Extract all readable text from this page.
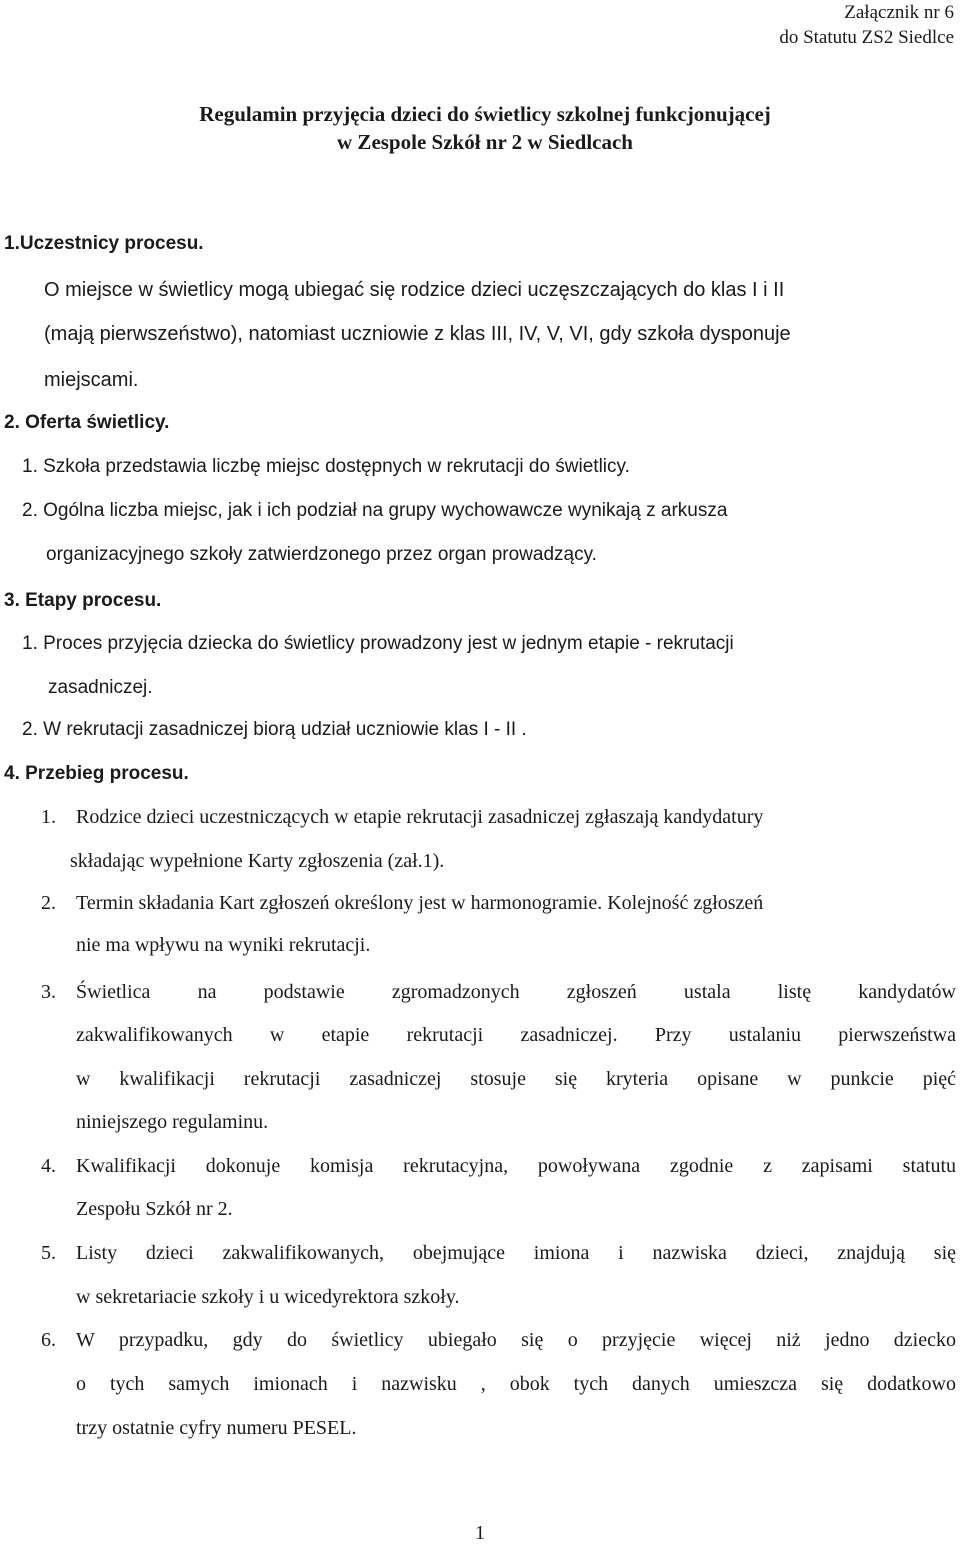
Załącznik nr 6
do Statutu ZS2 Siedlce
Regulamin przyjęcia dzieci do świetlicy szkolnej funkcjonującej
w Zespole Szkół nr 2 w Siedlcach
1.Uczestnicy procesu.
O miejsce w świetlicy mogą ubiegać się rodzice dzieci uczęszczających do klas I i II
(mają pierwszeństwo), natomiast uczniowie z klas III, IV, V, VI, gdy szkoła dysponuje
miejscami.
2. Oferta świetlicy.
1. Szkoła przedstawia liczbę miejsc dostępnych w rekrutacji do świetlicy.
2. Ogólna liczba miejsc, jak i ich podział na grupy wychowawcze wynikają z arkusza
organizacyjnego szkoły zatwierdzonego przez organ prowadzący.
3. Etapy procesu.
1. Proces przyjęcia dziecka do świetlicy prowadzony jest w jednym etapie - rekrutacji
zasadniczej.
2. W rekrutacji zasadniczej biorą udział uczniowie klas I - II .
4. Przebieg procesu.
1. Rodzice dzieci uczestniczących w etapie rekrutacji zasadniczej zgłaszają kandydatury
składając wypełnione Karty zgłoszenia (zał.1).
2. Termin składania Kart zgłoszeń określony jest w harmonogramie. Kolejność zgłoszeń
nie ma wpływu na wyniki rekrutacji.
3. Świetlica na podstawie zgromadzonych zgłoszeń ustala listę kandydatów
zakwalifikowanych w etapie rekrutacji zasadniczej. Przy ustalaniu pierwszeństwa
w kwalifikacji rekrutacji zasadniczej stosuje się kryteria opisane w punkcie pięć
niniejszego regulaminu.
4. Kwalifikacji dokonuje komisja rekrutacyjna, powoływana zgodnie z zapisami statutu
Zespołu Szkół nr 2.
5. Listy dzieci zakwalifikowanych, obejmujące imiona i nazwiska dzieci, znajdują się
w sekretariacie szkoły i u wicedyrektora szkoły.
6. W przypadku, gdy do świetlicy ubiegało się o przyjęcie więcej niż jedno dziecko
o tych samych imionach i nazwisku , obok tych danych umieszcza się dodatkowo
trzy ostatnie cyfry numeru PESEL.
1
